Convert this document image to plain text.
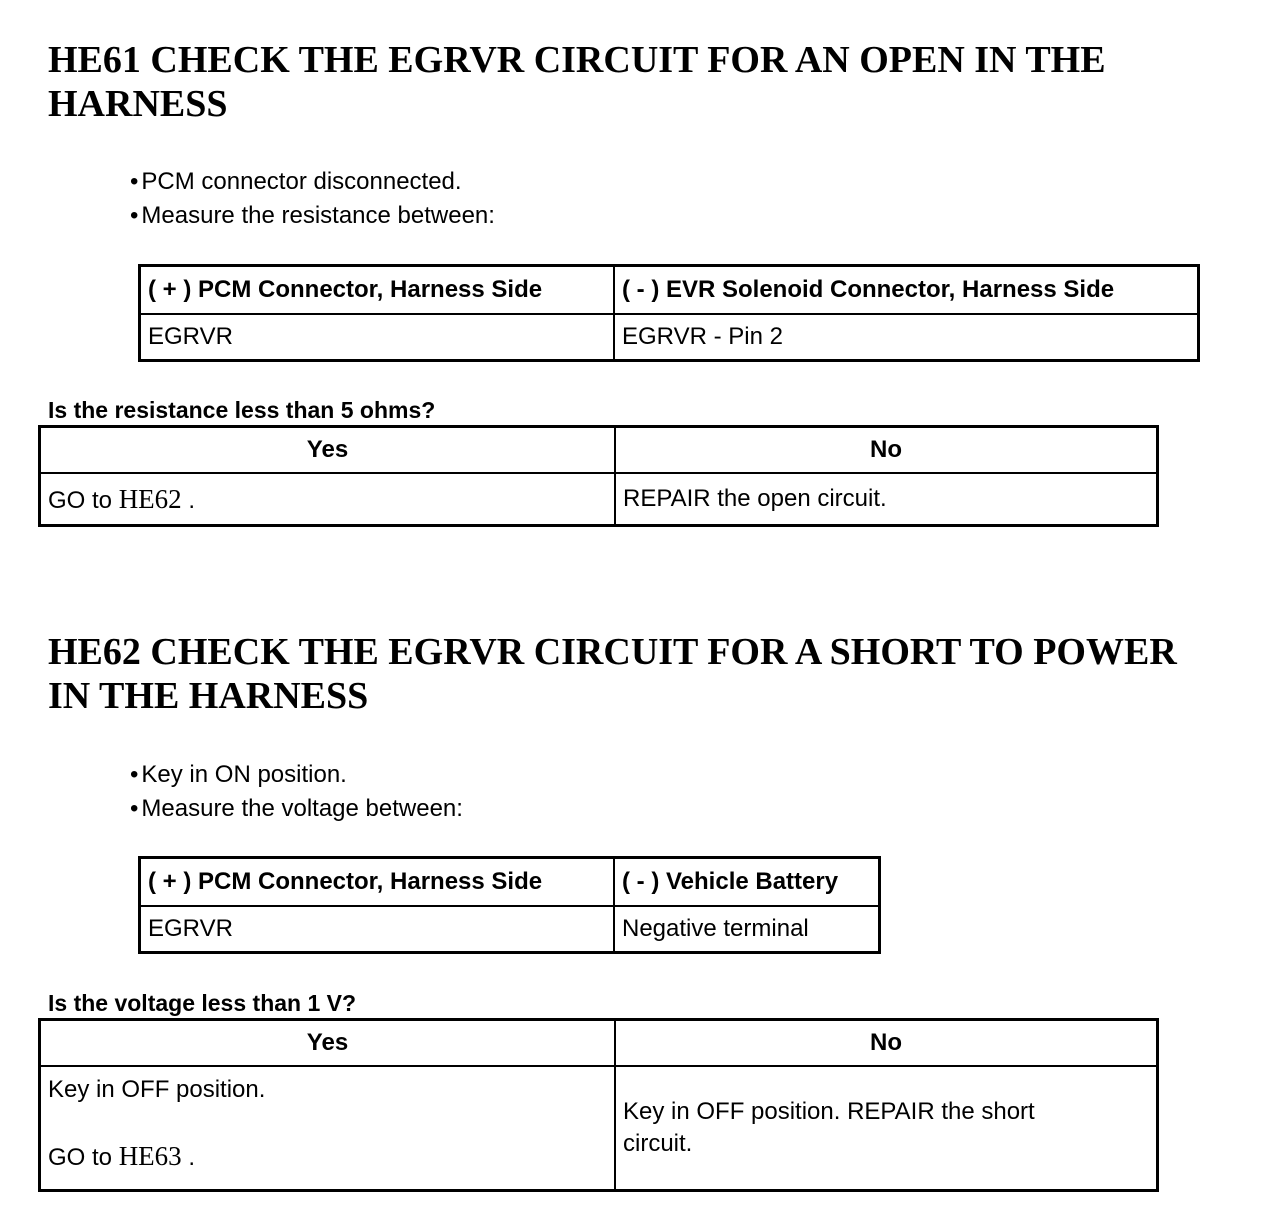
HE61 CHECK THE EGRVR CIRCUIT FOR AN OPEN IN THE
HARNESS
• PCM connector disconnected.
• Measure the resistance between:
( + ) PCM Connector, Harness Side	( - ) EVR Solenoid Connector, Harness Side
EGRVR	EGRVR - Pin 2

Is the resistance less than 5 ohms?

Yes	No
GO to HE62 .	REPAIR the open circuit.
HE62 CHECK THE EGRVR CIRCUIT FOR A SHORT TO POWER
IN THE HARNESS
• Key in ON position.
• Measure the voltage between:
( + ) PCM Connector, Harness Side	( - ) Vehicle Battery
EGRVR	Negative terminal

Is the voltage less than 1 V?

Yes	No

Key in OFF position.
GO to HE63 .	Key in OFF position. REPAIR the short circuit.
